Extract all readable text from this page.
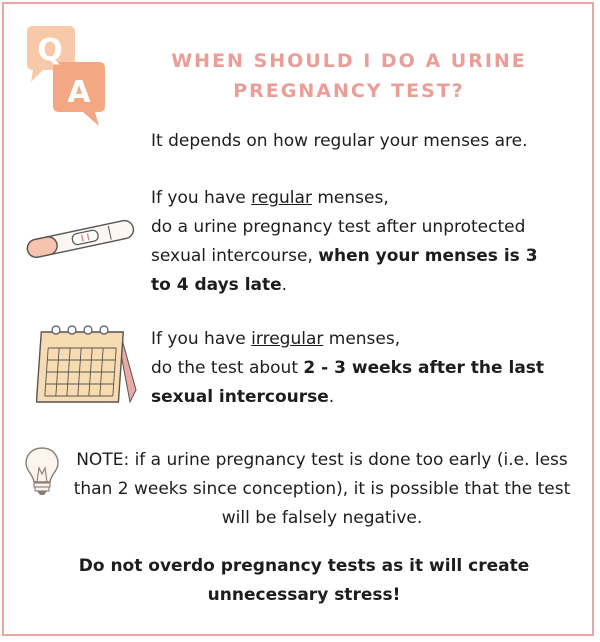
Q
A
WHEN SHOULD I DO A URINE
PREGNANCY TEST?
It depends on how regular your menses are.
If you have regular menses,
do a urine pregnancy test after unprotected
sexual intercourse, when your menses is 3
to 4 days late.
If you have irregular menses,
do the test about 2 - 3 weeks after the last
sexual intercourse.
NOTE: if a urine pregnancy test is done too early (i.e. less
than 2 weeks since conception), it is possible that the test
will be falsely negative.
Do not overdo pregnancy tests as it will create
unnecessary stress!
